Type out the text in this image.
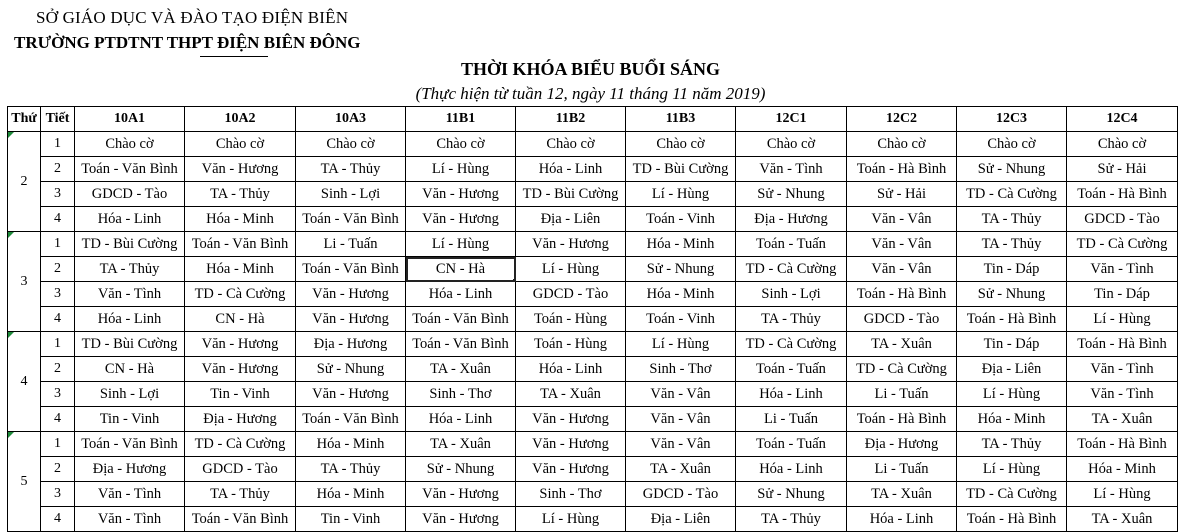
SỞ GIÁO DỤC VÀ ĐÀO TẠO ĐIỆN BIÊN
TRƯỜNG PTDTNT THPT ĐIỆN BIÊN ĐÔNG
THỜI KHÓA BIỂU BUỔI SÁNG
(Thực hiện từ tuần 12, ngày 11 tháng 11 năm 2019)
Thứ	Tiết	10A1	10A2	10A3	11B1	11B2	11B3	12C1	12C2	12C3	12C4
2	1	Chào cờ	Chào cờ	Chào cờ	Chào cờ	Chào cờ	Chào cờ	Chào cờ	Chào cờ	Chào cờ	Chào cờ
	2	Toán - Văn Bình	Văn - Hương	TA - Thủy	Lí - Hùng	Hóa - Linh	TD - Bùi Cường	Văn - Tình	Toán - Hà Bình	Sử - Nhung	Sử - Hải
	3	GDCD - Tào	TA - Thủy	Sinh - Lợi	Văn - Hương	TD - Bùi Cường	Lí - Hùng	Sử - Nhung	Sử - Hải	TD - Cà Cường	Toán - Hà Bình
	4	Hóa - Linh	Hóa - Minh	Toán - Văn Bình	Văn - Hương	Địa - Liên	Toán - Vinh	Địa - Hương	Văn - Vân	TA - Thủy	GDCD - Tào
3	1	TD - Bùi Cường	Toán - Văn Bình	Li - Tuấn	Lí - Hùng	Văn - Hương	Hóa - Minh	Toán - Tuấn	Văn - Vân	TA - Thủy	TD - Cà Cường
	2	TA - Thủy	Hóa - Minh	Toán - Văn Bình	CN - Hà	Lí - Hùng	Sử - Nhung	TD - Cà Cường	Văn - Vân	Tin - Dáp	Văn - Tình
	3	Văn - Tình	TD - Cà Cường	Văn - Hương	Hóa - Linh	GDCD - Tào	Hóa - Minh	Sinh - Lợi	Toán - Hà Bình	Sử - Nhung	Tin - Dáp
	4	Hóa - Linh	CN - Hà	Văn - Hương	Toán - Văn Bình	Toán - Hùng	Toán - Vinh	TA - Thủy	GDCD - Tào	Toán - Hà Bình	Lí - Hùng
4	1	TD - Bùi Cường	Văn - Hương	Địa - Hương	Toán - Văn Bình	Toán - Hùng	Lí - Hùng	TD - Cà Cường	TA - Xuân	Tin - Dáp	Toán - Hà Bình
	2	CN - Hà	Văn - Hương	Sử - Nhung	TA - Xuân	Hóa - Linh	Sinh - Thơ	Toán - Tuấn	TD - Cà Cường	Địa - Liên	Văn - Tình
	3	Sinh - Lợi	Tin - Vinh	Văn - Hương	Sinh - Thơ	TA - Xuân	Văn - Vân	Hóa - Linh	Li - Tuấn	Lí - Hùng	Văn - Tình
	4	Tin - Vinh	Địa - Hương	Toán - Văn Bình	Hóa - Linh	Văn - Hương	Văn - Vân	Li - Tuấn	Toán - Hà Bình	Hóa - Minh	TA - Xuân
5	1	Toán - Văn Bình	TD - Cà Cường	Hóa - Minh	TA - Xuân	Văn - Hương	Văn - Vân	Toán - Tuấn	Địa - Hương	TA - Thủy	Toán - Hà Bình
	2	Địa - Hương	GDCD - Tào	TA - Thủy	Sử - Nhung	Văn - Hương	TA - Xuân	Hóa - Linh	Li - Tuấn	Lí - Hùng	Hóa - Minh
	3	Văn - Tình	TA - Thủy	Hóa - Minh	Văn - Hương	Sinh - Thơ	GDCD - Tào	Sử - Nhung	TA - Xuân	TD - Cà Cường	Lí - Hùng
	4	Văn - Tình	Toán - Văn Bình	Tin - Vinh	Văn - Hương	Lí - Hùng	Địa - Liên	TA - Thủy	Hóa - Linh	Toán - Hà Bình	TA - Xuân
